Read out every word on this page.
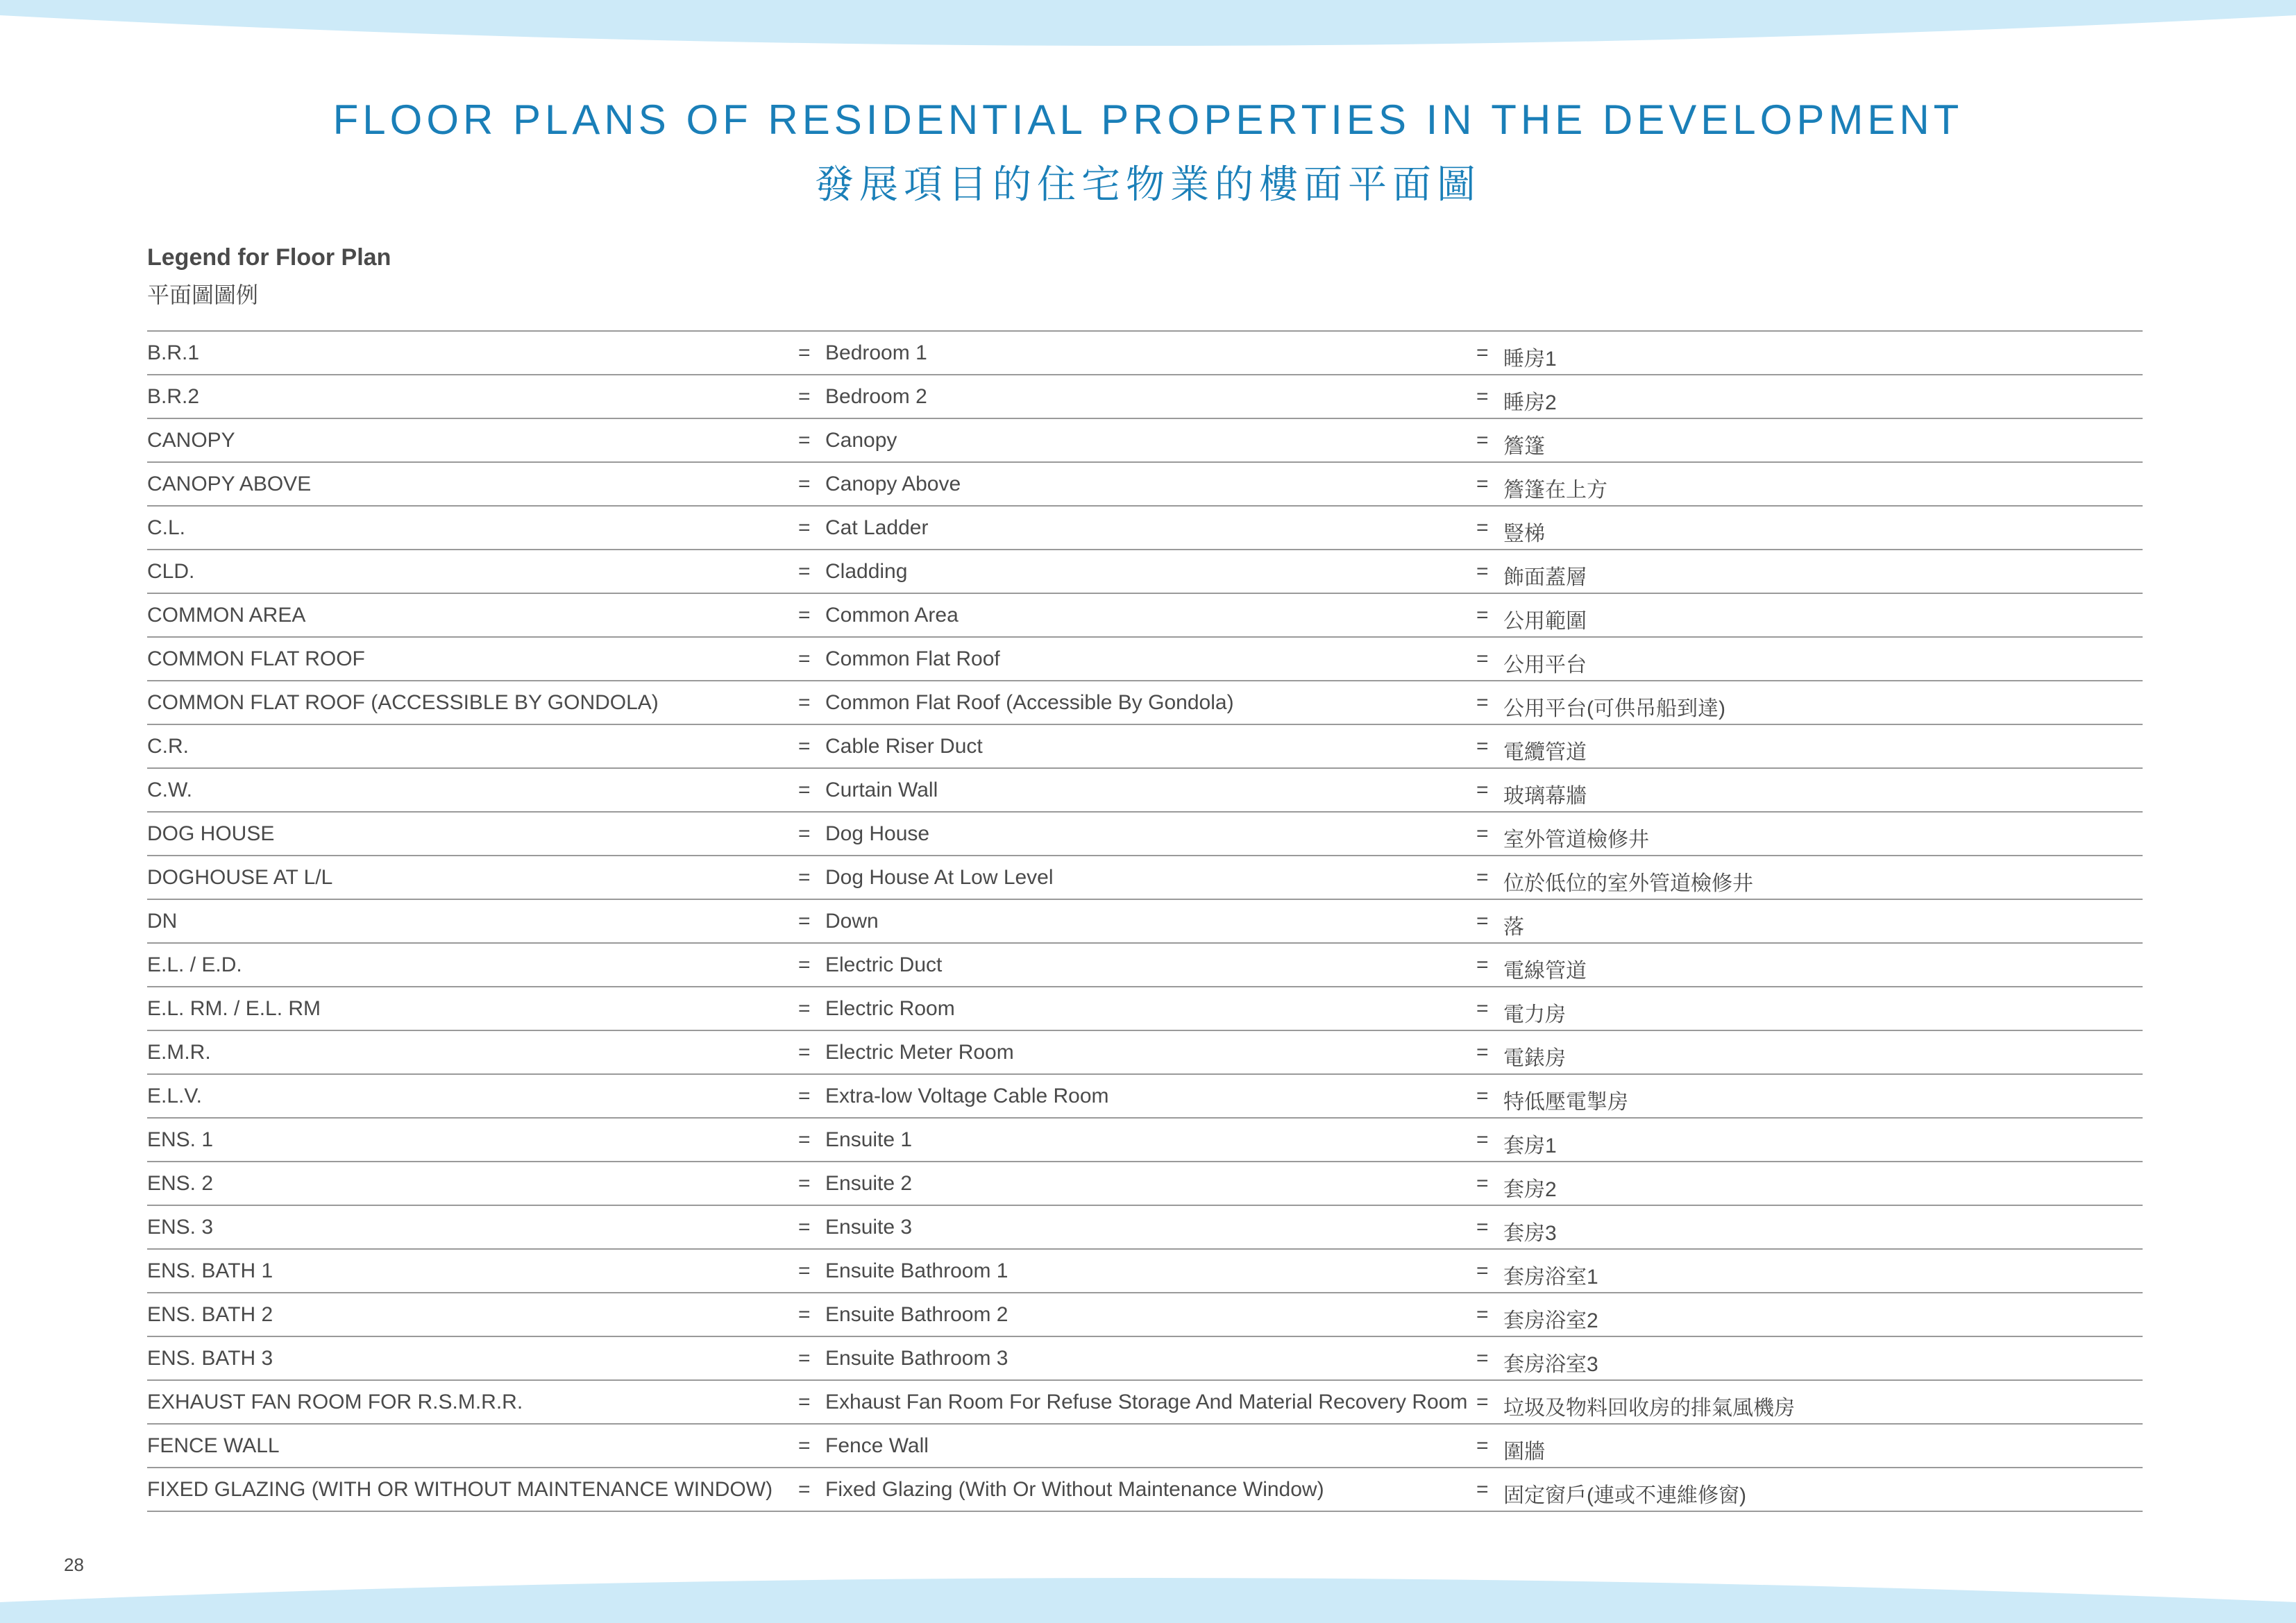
FLOOR PLANS OF RESIDENTIAL PROPERTIES IN THE DEVELOPMENT
發展項目的住宅物業的樓面平面圖
Legend for Floor Plan
平面圖圖例
B.R.1	= Bedroom 1	= 睡房1
B.R.2	= Bedroom 2	= 睡房2
CANOPY	= Canopy	= 簷篷
CANOPY ABOVE	= Canopy Above	= 簷篷在上方
C.L.	= Cat Ladder	= 豎梯
CLD.	= Cladding	= 飾面蓋層
COMMON AREA	= Common Area	= 公用範圍
COMMON FLAT ROOF	= Common Flat Roof	= 公用平台
COMMON FLAT ROOF (ACCESSIBLE BY GONDOLA)	= Common Flat Roof (Accessible By Gondola)	= 公用平台(可供吊船到達)
C.R.	= Cable Riser Duct	= 電纜管道
C.W.	= Curtain Wall	= 玻璃幕牆
DOG HOUSE	= Dog House	= 室外管道檢修井
DOGHOUSE AT L/L	= Dog House At Low Level	= 位於低位的室外管道檢修井
DN	= Down	= 落
E.L. / E.D.	= Electric Duct	= 電線管道
E.L. RM. / E.L. RM	= Electric Room	= 電力房
E.M.R.	= Electric Meter Room	= 電錶房
E.L.V.	= Extra-low Voltage Cable Room	= 特低壓電掣房
ENS. 1	= Ensuite 1	= 套房1
ENS. 2	= Ensuite 2	= 套房2
ENS. 3	= Ensuite 3	= 套房3
ENS. BATH 1	= Ensuite Bathroom 1	= 套房浴室1
ENS. BATH 2	= Ensuite Bathroom 2	= 套房浴室2
ENS. BATH 3	= Ensuite Bathroom 3	= 套房浴室3
EXHAUST FAN ROOM FOR R.S.M.R.R.	= Exhaust Fan Room For Refuse Storage And Material Recovery Room = 垃圾及物料回收房的排氣風機房
FENCE WALL	= Fence Wall	= 圍牆
FIXED GLAZING (WITH OR WITHOUT MAINTENANCE WINDOW) = Fixed Glazing (With Or Without Maintenance Window)	= 固定窗戶(連或不連維修窗)
28
